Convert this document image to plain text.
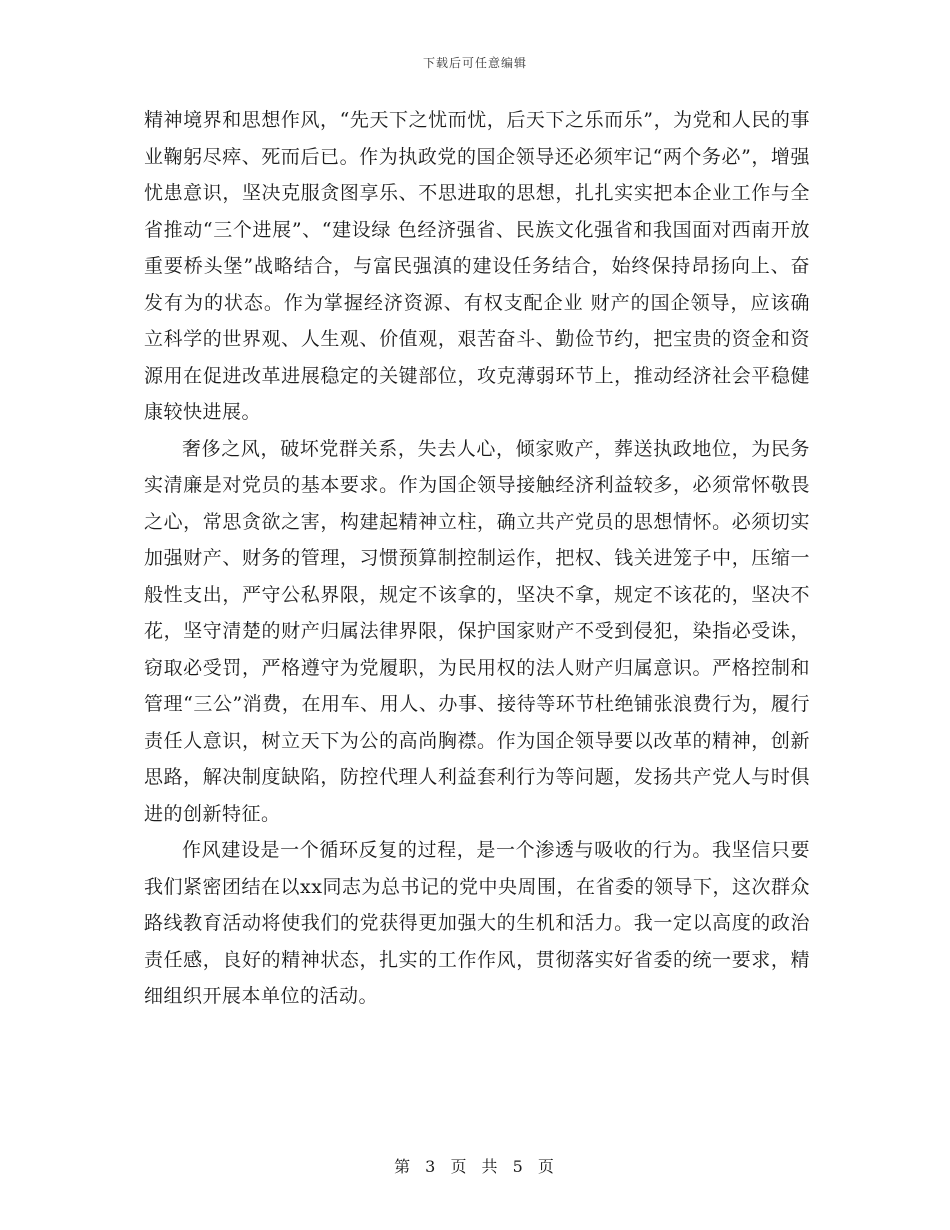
下载后可任意编辑

精神境界和思想作风，“先天下之忧而忧，后天下之乐而乐”，为党和人民的事业鞠躬尽瘁、死而后已。作为执政党的国企领导还必须牢记“两个务必”，增强忧患意识，坚决克服贪图享乐、不思进取的思想，扎扎实实把本企业工作与全省推动“三个进展”、“建设绿 色经济强省、民族文化强省和我国面对西南开放重要桥头堡”战略结合，与富民强滇的建设任务结合，始终保持昂扬向上、奋发有为的状态。作为掌握经济资源、有权支配企业 财产的国企领导，应该确立科学的世界观、人生观、价值观，艰苦奋斗、勤俭节约，把宝贵的资金和资源用在促进改革进展稳定的关键部位，攻克薄弱环节上，推动经济社会平稳健康较快进展。

奢侈之风，破坏党群关系，失去人心，倾家败产，葬送执政地位，为民务实清廉是对党员的基本要求。作为国企领导接触经济利益较多，必须常怀敬畏之心，常思贪欲之害，构建起精神立柱，确立共产党员的思想情怀。必须切实加强财产、财务的管理，习惯预算制控制运作，把权、钱关进笼子中，压缩一般性支出，严守公私界限，规定不该拿的，坚决不拿，规定不该花的，坚决不花，坚守清楚的财产归属法律界限，保护国家财产不受到侵犯，染指必受诛，窃取必受罚，严格遵守为党履职，为民用权的法人财产归属意识。严格控制和管理“三公”消费，在用车、用人、办事、接待等环节杜绝铺张浪费行为，履行责任人意识，树立天下为公的高尚胸襟。作为国企领导要以改革的精神，创新思路，解决制度缺陷，防控代理人利益套利行为等问题，发扬共产党人与时俱进的创新特征。

作风建设是一个循环反复的过程，是一个渗透与吸收的行为。我坚信只要我们紧密团结在以xx同志为总书记的党中央周围，在省委的领导下，这次群众路线教育活动将使我们的党获得更加强大的生机和活力。我一定以高度的政治责任感，良好的精神状态，扎实的工作作风，贯彻落实好省委的统一要求，精细组织开展本单位的活动。

第 3 页 共 5 页
